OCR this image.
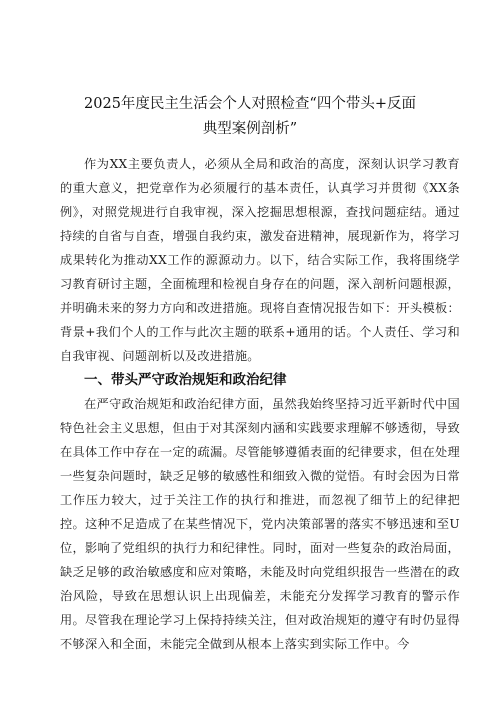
2025年度民主生活会个人对照检查“四个带头+反面典型案例剖析”

作为XX主要负责人，必须从全局和政治的高度，深刻认识学习教育的重大意义，把党章作为必须履行的基本责任，认真学习并贯彻《XX条例》，对照党规进行自我审视，深入挖掘思想根源，查找问题症结。通过持续的自省与自查，增强自我约束，激发奋进精神，展现新作为，将学习成果转化为推动XX工作的源源动力。以下，结合实际工作，我将围绕学习教育研讨主题，全面梳理和检视自身存在的问题，深入剖析问题根源，并明确未来的努力方向和改进措施。现将自查情况报告如下：开头模板：背景+我们个人的工作与此次主题的联系+通用的话。个人责任、学习和自我审视、问题剖析以及改进措施。

一、带头严守政治规矩和政治纪律

在严守政治规矩和政治纪律方面，虽然我始终坚持习近平新时代中国特色社会主义思想，但由于对其深刻内涵和实践要求理解不够透彻，导致在具体工作中存在一定的疏漏。尽管能够遵循表面的纪律要求，但在处理一些复杂问题时，缺乏足够的敏感性和细致入微的觉悟。有时会因为日常工作压力较大，过于关注工作的执行和推进，而忽视了细节上的纪律把控。这种不足造成了在某些情况下，党内决策部署的落实不够迅速和至U位，影响了党组织的执行力和纪律性。同时，面对一些复杂的政治局面，缺乏足够的政治敏感度和应对策略，未能及时向党组织报告一些潜在的政治风险，导致在思想认识上出现偏差，未能充分发挥学习教育的警示作用。尽管我在理论学习上保持持续关注，但对政治规矩的遵守有时仍显得不够深入和全面，未能完全做到从根本上落实到实际工作中。今
